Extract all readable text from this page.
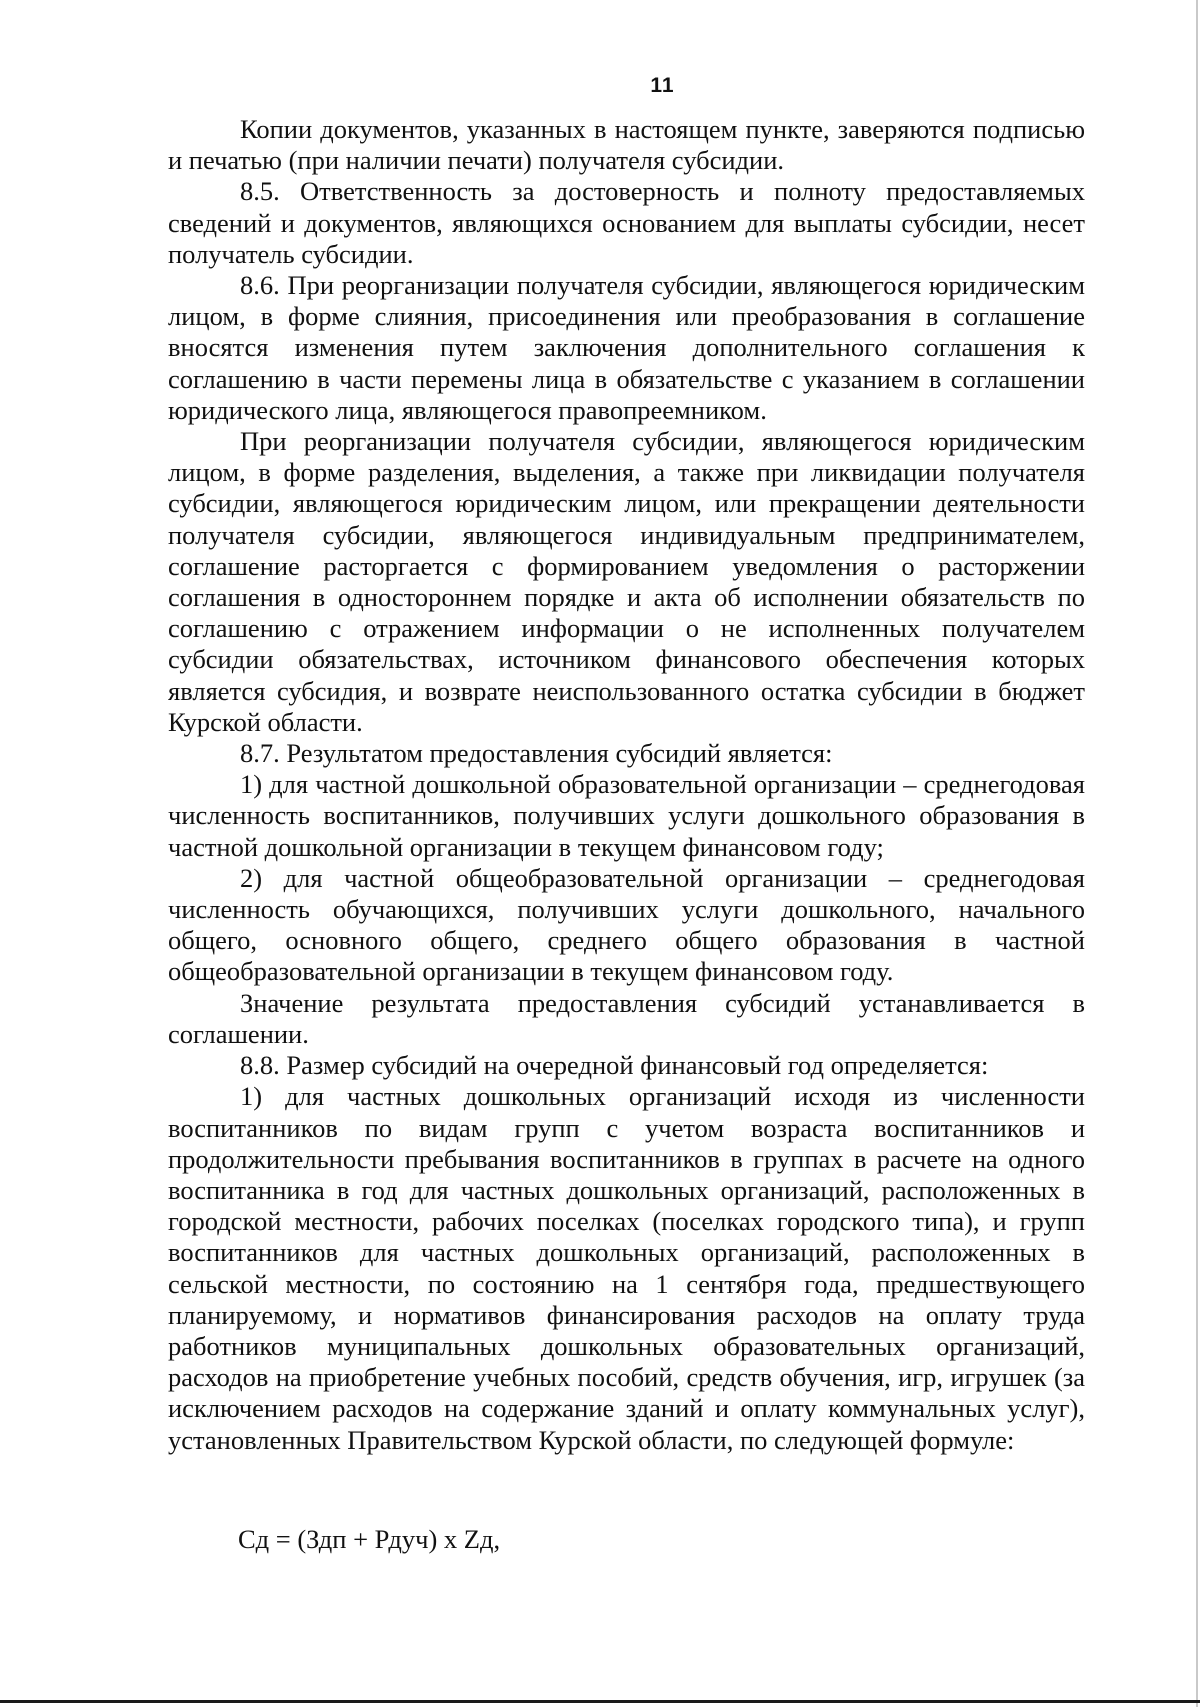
11

Копии документов, указанных в настоящем пункте, заверяются подписью и печатью (при наличии печати) получателя субсидии.

8.5. Ответственность за достоверность и полноту предоставляемых сведений и документов, являющихся основанием для выплаты субсидии, несет получатель субсидии.

8.6. При реорганизации получателя субсидии, являющегося юридическим лицом, в форме слияния, присоединения или преобразования в соглашение вносятся изменения путем заключения дополнительного соглашения к соглашению в части перемены лица в обязательстве с указанием в соглашении юридического лица, являющегося правопреемником.

При реорганизации получателя субсидии, являющегося юридическим лицом, в форме разделения, выделения, а также при ликвидации получателя субсидии, являющегося юридическим лицом, или прекращении деятельности получателя субсидии, являющегося индивидуальным предпринимателем, соглашение расторгается с формированием уведомления о расторжении соглашения в одностороннем порядке и акта об исполнении обязательств по соглашению с отражением информации о не исполненных получателем субсидии обязательствах, источником финансового обеспечения которых является субсидия, и возврате неиспользованного остатка субсидии в бюджет Курской области.

8.7. Результатом предоставления субсидий является:

1) для частной дошкольной образовательной организации – среднегодовая численность воспитанников, получивших услуги дошкольного образования в частной дошкольной организации в текущем финансовом году;

2) для частной общеобразовательной организации – среднегодовая численность обучающихся, получивших услуги дошкольного, начального общего, основного общего, среднего общего образования в частной общеобразовательной организации в текущем финансовом году.

Значение результата предоставления субсидий устанавливается в соглашении.

8.8. Размер субсидий на очередной финансовый год определяется:

1) для частных дошкольных организаций исходя из численности воспитанников по видам групп с учетом возраста воспитанников и продолжительности пребывания воспитанников в группах в расчете на одного воспитанника в год для частных дошкольных организаций, расположенных в городской местности, рабочих поселках (поселках городского типа), и групп воспитанников для частных дошкольных организаций, расположенных в сельской местности, по состоянию на 1 сентября года, предшествующего планируемому, и нормативов финансирования расходов на оплату труда работников муниципальных дошкольных образовательных организаций, расходов на приобретение учебных пособий, средств обучения, игр, игрушек (за исключением расходов на содержание зданий и оплату коммунальных услуг), установленных Правительством Курской области, по следующей формуле:

Сд = (Здп + Рдуч) х Zд,
